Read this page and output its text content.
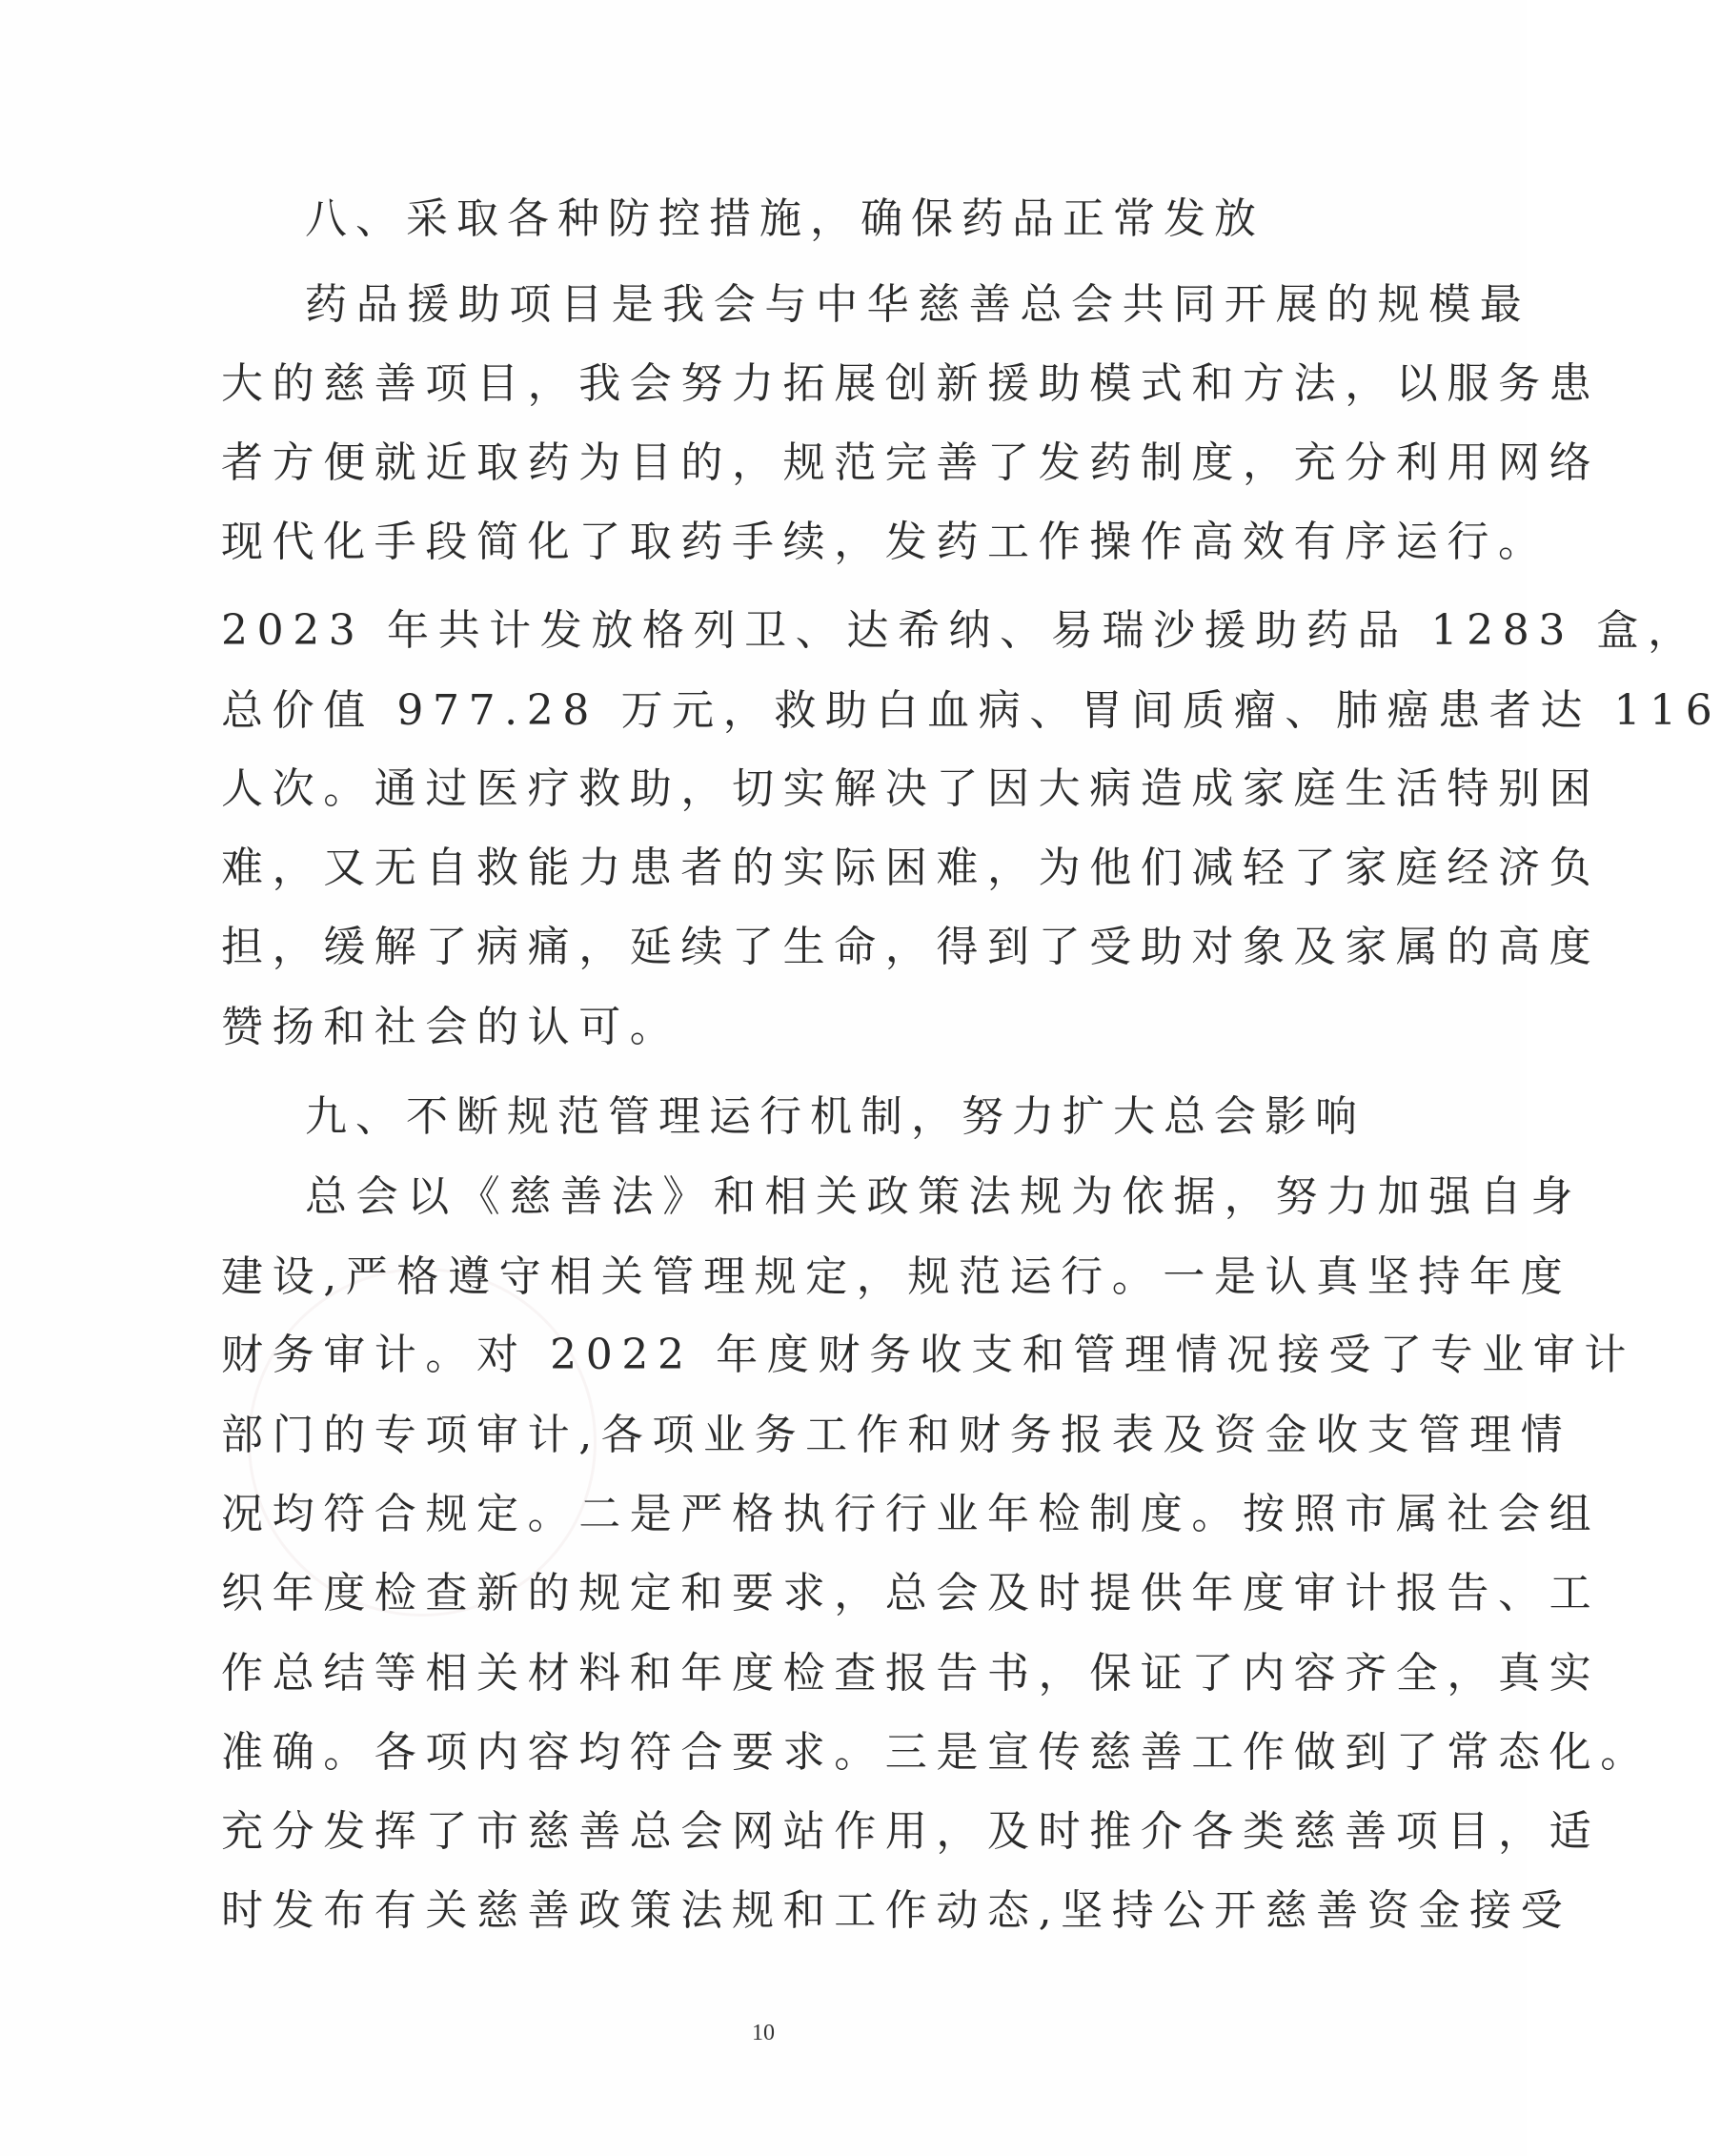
八、采取各种防控措施，确保药品正常发放
药品援助项目是我会与中华慈善总会共同开展的规模最
大的慈善项目，我会努力拓展创新援助模式和方法，以服务患
者方便就近取药为目的，规范完善了发药制度，充分利用网络
现代化手段简化了取药手续，发药工作操作高效有序运行。
2023 年共计发放格列卫、达希纳、易瑞沙援助药品 1283 盒，
总价值 977.28 万元，救助白血病、胃间质瘤、肺癌患者达 116
人次。通过医疗救助，切实解决了因大病造成家庭生活特别困
难，又无自救能力患者的实际困难，为他们减轻了家庭经济负
担，缓解了病痛，延续了生命，得到了受助对象及家属的高度
赞扬和社会的认可。
九、不断规范管理运行机制，努力扩大总会影响
总会以《慈善法》和相关政策法规为依据，努力加强自身
建设,严格遵守相关管理规定，规范运行。一是认真坚持年度
财务审计。对 2022 年度财务收支和管理情况接受了专业审计
部门的专项审计,各项业务工作和财务报表及资金收支管理情
况均符合规定。二是严格执行行业年检制度。按照市属社会组
织年度检查新的规定和要求，总会及时提供年度审计报告、工
作总结等相关材料和年度检查报告书，保证了内容齐全，真实
准确。各项内容均符合要求。三是宣传慈善工作做到了常态化。
充分发挥了市慈善总会网站作用，及时推介各类慈善项目，适
时发布有关慈善政策法规和工作动态,坚持公开慈善资金接受
10
